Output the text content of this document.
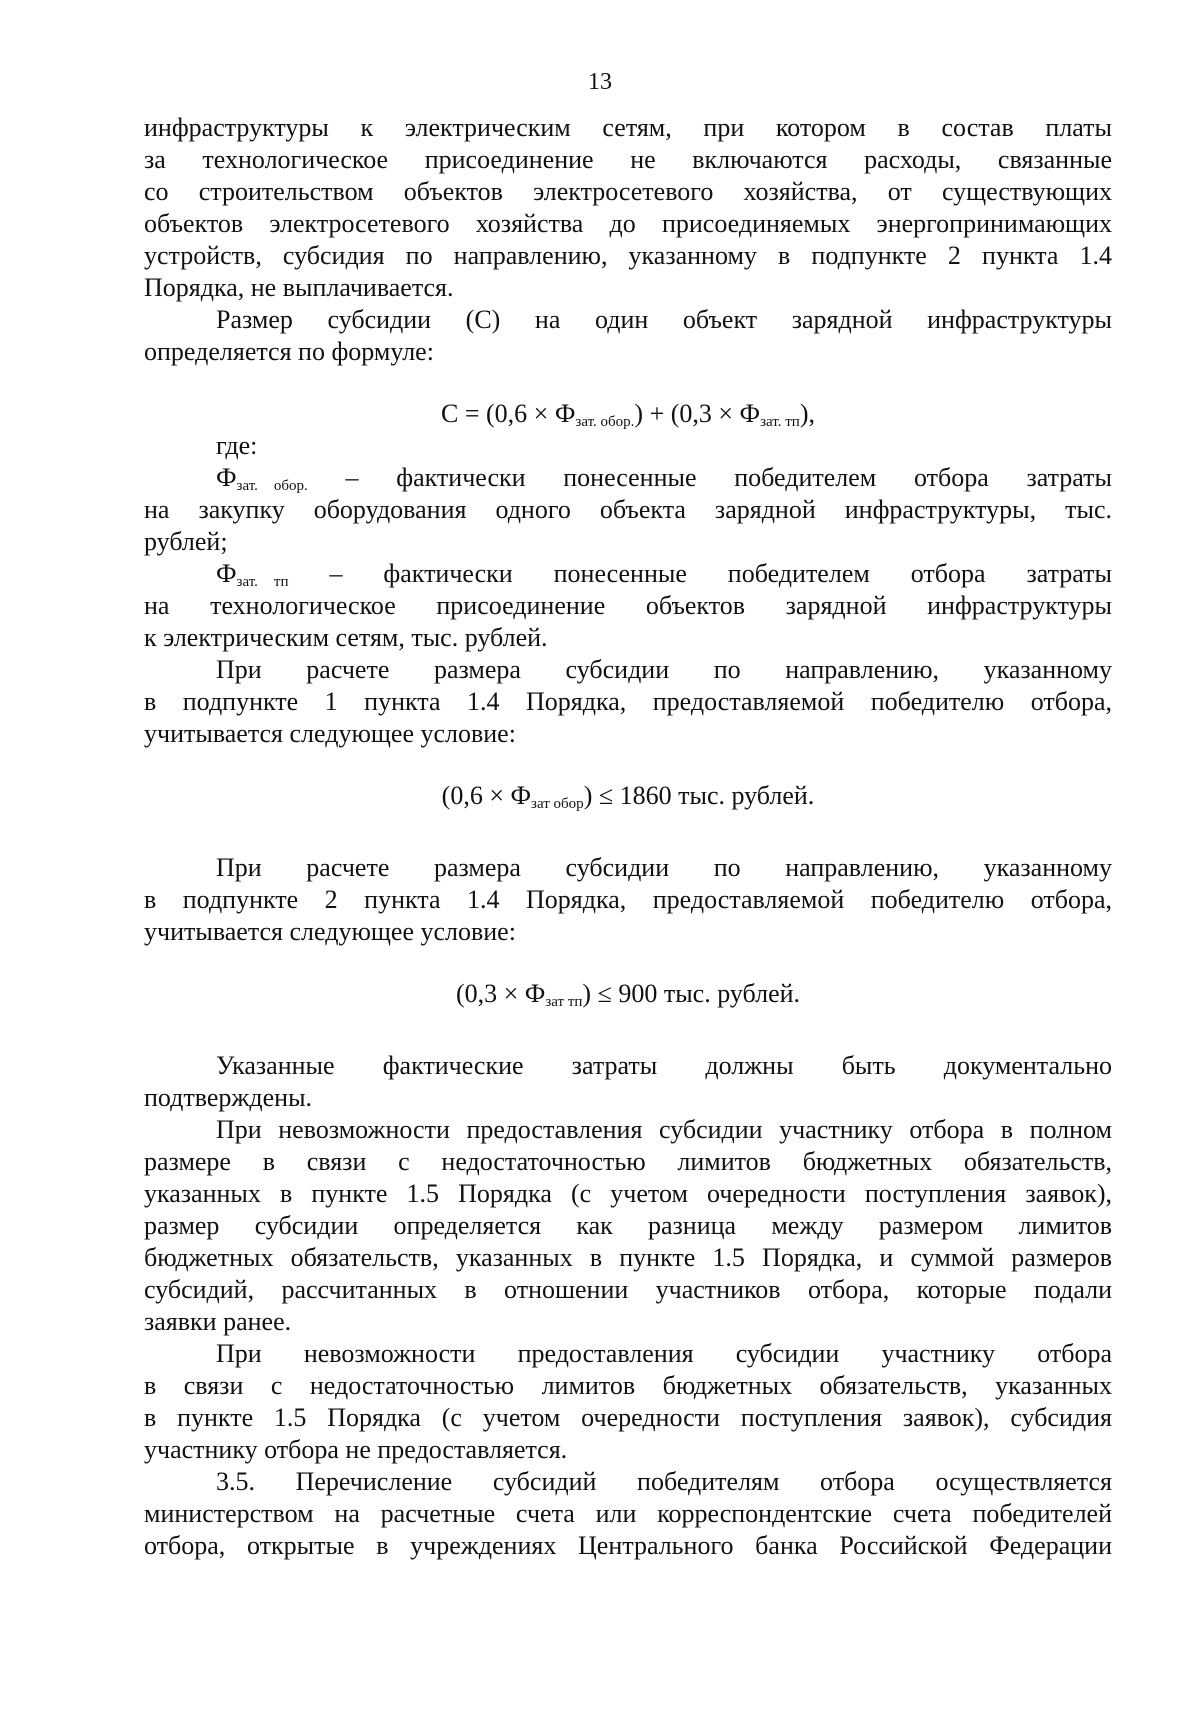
13
инфраструктуры к электрическим сетям, при котором в состав платы
за технологическое присоединение не включаются расходы, связанные
со строительством объектов электросетевого хозяйства, от существующих
объектов электросетевого хозяйства до присоединяемых энергопринимающих
устройств, субсидия по направлению, указанному в подпункте 2 пункта 1.4
Порядка, не выплачивается.
Размер субсидии (С) на один объект зарядной инфраструктуры
определяется по формуле:
$С = (0,6 \times Ф_{зат. обор.}) + (0,3 \times Ф_{зат. тп})$,
где:
$Ф_{зат.}$ $_{обор.}$ – фактически понесенные победителем отбора затраты
на закупку оборудования одного объекта зарядной инфраструктуры, тыс.
рублей;
$Ф_{зат.}$ $_{тп}$ – фактически понесенные победителем отбора затраты
на технологическое присоединение объектов зарядной инфраструктуры
к электрическим сетям, тыс. рублей.
При расчете размера субсидии по направлению, указанному
в подпункте 1 пункта 1.4 Порядка, предоставляемой победителю отбора,
учитывается следующее условие:
$(0,6 \times Ф_{зат обор}) \le 1860$ тыс. рублей.
При расчете размера субсидии по направлению, указанному
в подпункте 2 пункта 1.4 Порядка, предоставляемой победителю отбора,
учитывается следующее условие:
$(0,3 \times Ф_{зат тп}) \le 900$ тыс. рублей.
Указанные фактические затраты должны быть документально
подтверждены.
При невозможности предоставления субсидии участнику отбора в полном
размере в связи с недостаточностью лимитов бюджетных обязательств,
указанных в пункте 1.5 Порядка (с учетом очередности поступления заявок),
размер субсидии определяется как разница между размером лимитов
бюджетных обязательств, указанных в пункте 1.5 Порядка, и суммой размеров
субсидий, рассчитанных в отношении участников отбора, которые подали
заявки ранее.
При невозможности предоставления субсидии участнику отбора
в связи с недостаточностью лимитов бюджетных обязательств, указанных
в пункте 1.5 Порядка (с учетом очередности поступления заявок), субсидия
участнику отбора не предоставляется.
3.5. Перечисление субсидий победителям отбора осуществляется
министерством на расчетные счета или корреспондентские счета победителей
отбора, открытые в учреждениях Центрального банка Российской Федерации
